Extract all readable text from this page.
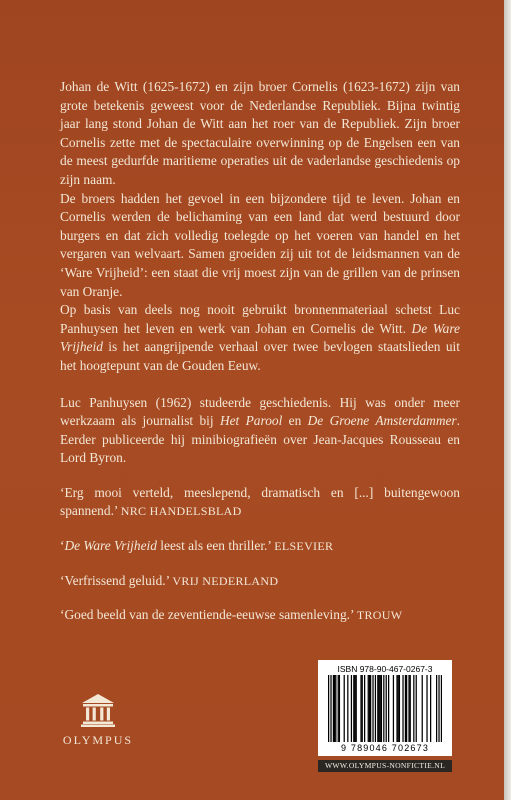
Johan de Witt (1625-1672) en zijn broer Cornelis (1623-1672) zijn van grote betekenis geweest voor de Nederlandse Republiek. Bijna twintig jaar lang stond Johan de Witt aan het roer van de Republiek. Zijn broer Cornelis zette met de spectaculaire overwinning op de Engelsen een van de meest gedurfde maritieme operaties uit de vaderlandse geschiedenis op zijn naam.

De broers hadden het gevoel in een bijzondere tijd te leven. Johan en Cornelis werden de belichaming van een land dat werd bestuurd door burgers en dat zich volledig toelegde op het voeren van handel en het vergaren van welvaart. Samen groeiden zij uit tot de leidsmannen van de ‘Ware Vrijheid’: een staat die vrij moest zijn van de grillen van de prinsen van Oranje.

Op basis van deels nog nooit gebruikt bronnenmateriaal schetst Luc Panhuysen het leven en werk van Johan en Cornelis de Witt. De Ware Vrijheid is het aangrijpende verhaal over twee bevlogen staatslieden uit het hoogtepunt van de Gouden Eeuw.

Luc Panhuysen (1962) studeerde geschiedenis. Hij was onder meer werkzaam als journalist bij Het Parool en De Groene Amsterdammer. Eerder publiceerde hij minibiografieën over Jean-Jacques Rousseau en Lord Byron.

‘Erg mooi verteld, meeslepend, dramatisch en [...] buitengewoon spannend.’ NRC HANDELSBLAD

‘De Ware Vrijheid leest als een thriller.’ ELSEVIER

‘Verfrissend geluid.’ VRIJ NEDERLAND

‘Goed beeld van de zeventiende-eeuwse samenleving.’ TROUW

OLYMPUS
ISBN 978-90-467-0267-3
9 789046 702673
WWW.OLYMPUS-NONFICTIE.NL
